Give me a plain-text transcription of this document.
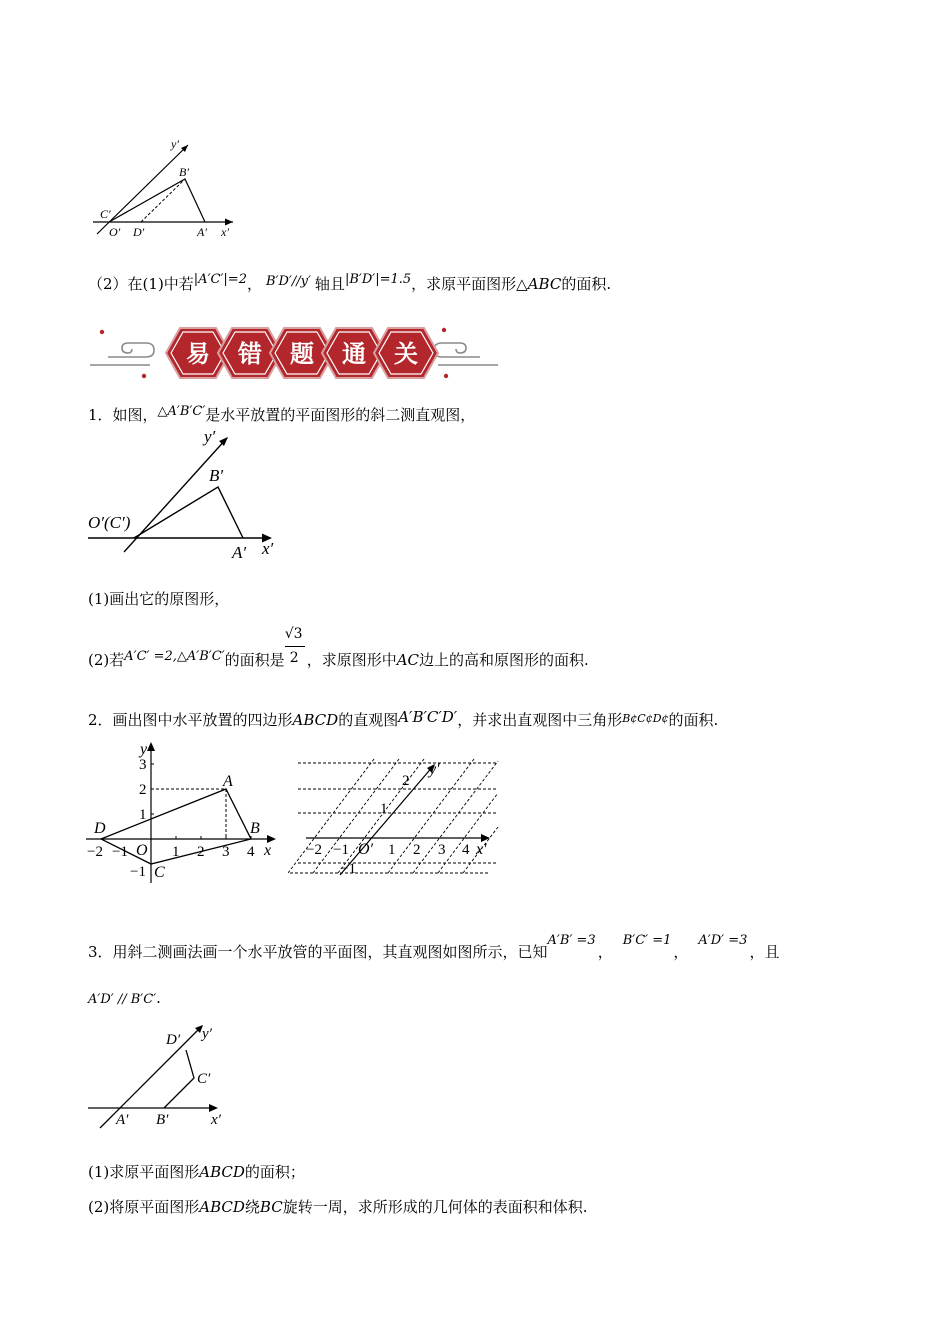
y′
B′
C′
O′ D′	A′ x′
（2）在(1)中若|A′C′|=2， B′D′//y′ 轴且|B′D′|=1.5，求原平面图形△ABC的面积.
易 错 题 通 关
1．如图，△A′B′C′是水平放置的平面图形的斜二测直观图，
y′
B′
O′(C′)
A′ x′
(1)画出它的原图形，
(2)若A′C′ =2,△A′B′C′的面积是 $\frac{√3}{2}$ ，求原图形中AC边上的高和原图形的面积.
2．画出图中水平放置的四边形ABCD的直观图A′B′C′D′，并求出直观图中三角形$^{B¢C¢D¢}$的面积.
y
x
O
A
B
C
D
−2 −1	1 2 3 4
3
2
1
−1
y′
x′
O′
−2 −1	1 2 3 4
2
1
−1
3．用斜二测画法画一个水平放管的平面图，其直观图如图所示，已知A′B′ =3，B′C′ =1，A′D′ =3，且
A′D′ // B′C′.
D′ y′
C′
A′ B′	x′
(1)求原平面图形ABCD的面积；
(2)将原平面图形ABCD绕BC旋转一周，求所形成的几何体的表面积和体积.
